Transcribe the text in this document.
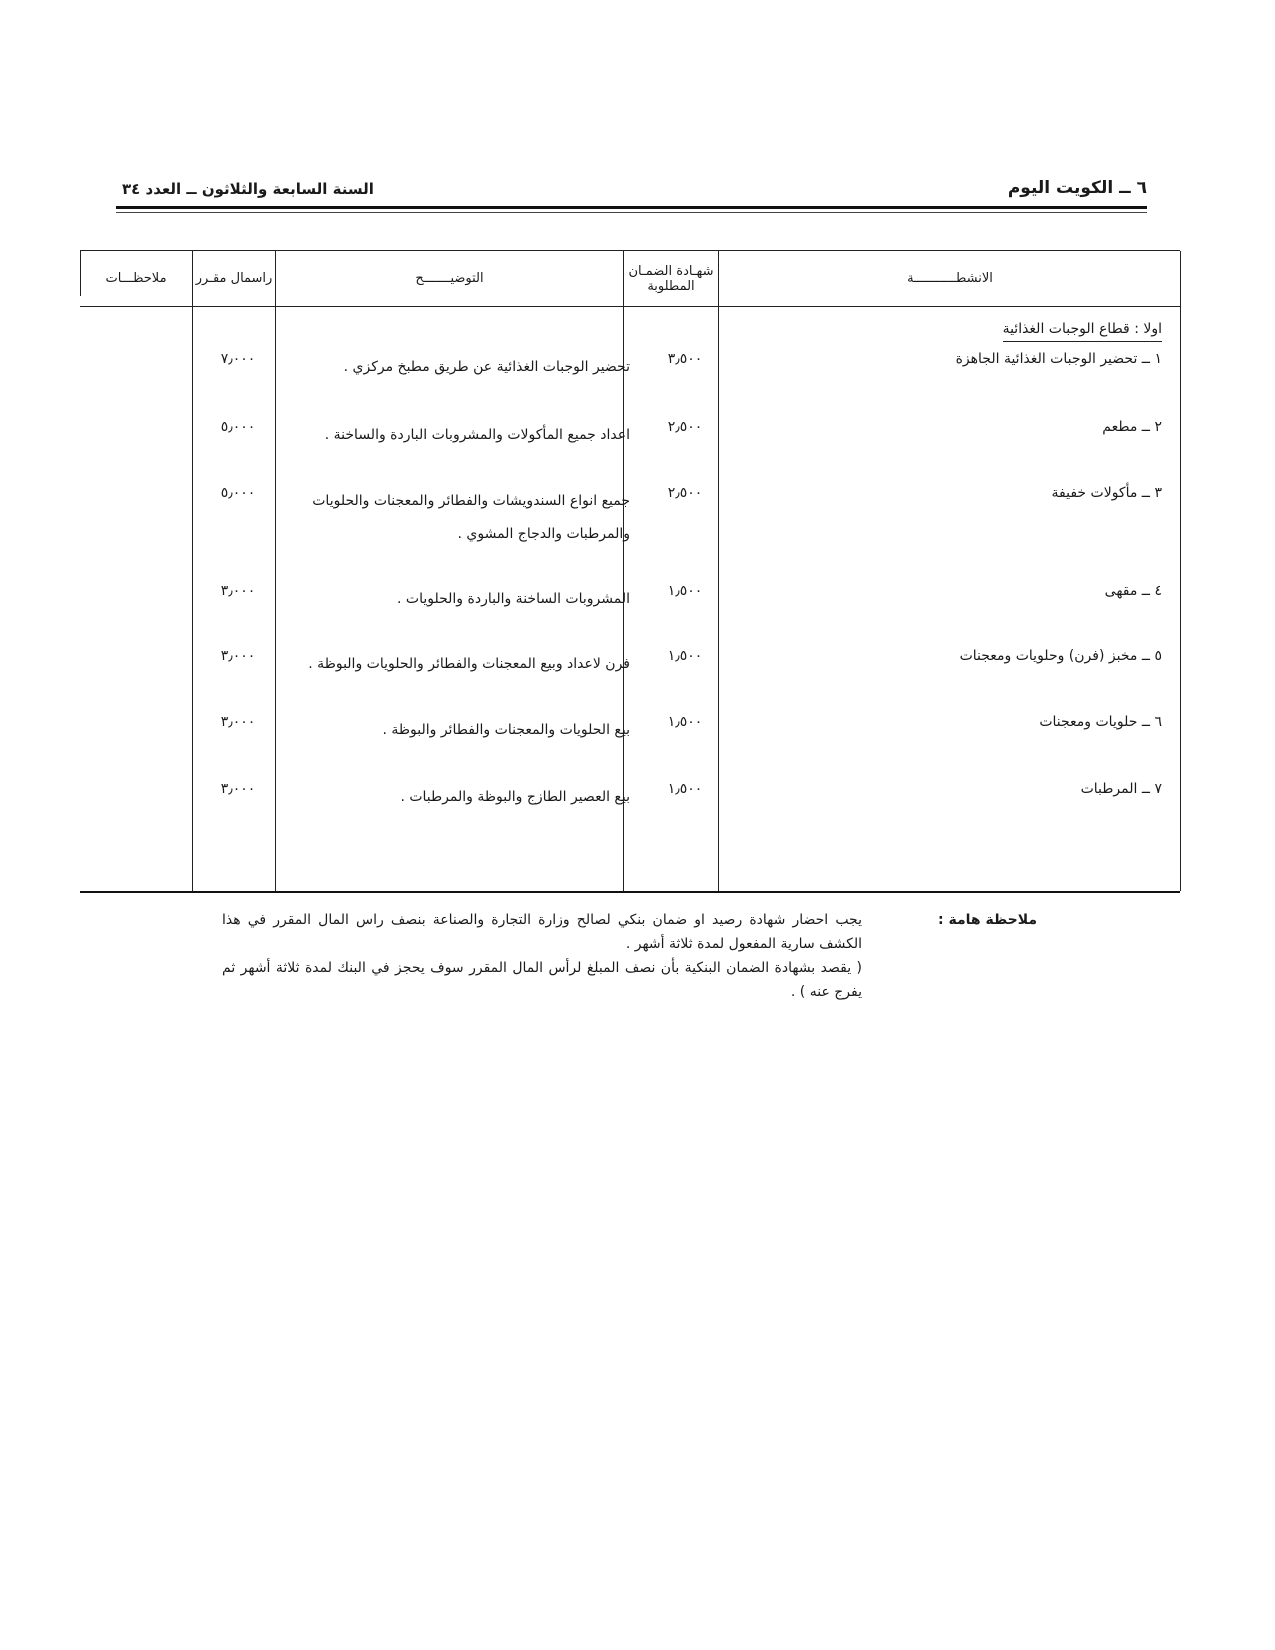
٦ ــ الكويت اليوم
السنة السابعة والثلاثون ــ العدد ٣٤
الانشطـــــــــــة
شهـادة الضمـان المطلوبة
التوضيـــــــح
راسمال مقـرر
ملاحظـــات
اولا : قطاع الوجبات الغذائية
١ ــ تحضير الوجبات الغذائية الجاهزة
٣٫٥٠٠
تحضير الوجبات الغذائية عن طريق مطبخ مركزي .
٧٫٠٠٠
٢ ــ مطعم
٢٫٥٠٠
اعداد جميع المأكولات والمشروبات الباردة والساخنة .
٥٫٠٠٠
٣ ــ مأكولات خفيفة
٢٫٥٠٠
جميع انواع السندويشات والفطائر والمعجنات والحلويات والمرطبات والدجاج المشوي .
٥٫٠٠٠
٤ ــ مقهى
١٫٥٠٠
المشروبات الساخنة والباردة والحلويات .
٣٫٠٠٠
٥ ــ مخبز (فرن) وحلويات ومعجنات
١٫٥٠٠
فرن لاعداد وبيع المعجنات والفطائر والحلويات والبوظة .
٣٫٠٠٠
٦ ــ حلويات ومعجنات
١٫٥٠٠
بيع الحلويات والمعجنات والفطائر والبوظة .
٣٫٠٠٠
٧ ــ المرطبات
١٫٥٠٠
بيع العصير الطازج والبوظة والمرطبات .
٣٫٠٠٠
ملاحظة هامة :
يجب احضار شهادة رصيد او ضمان بنكي لصالح وزارة التجارة والصناعة بنصف راس المال المقرر في هذا الكشف سارية المفعول لمدة ثلاثة أشهر .
( يقصد بشهادة الضمان البنكية بأن نصف المبلغ لرأس المال المقرر سوف يحجز في البنك لمدة ثلاثة أشهر ثم يفرج عنه ) .
